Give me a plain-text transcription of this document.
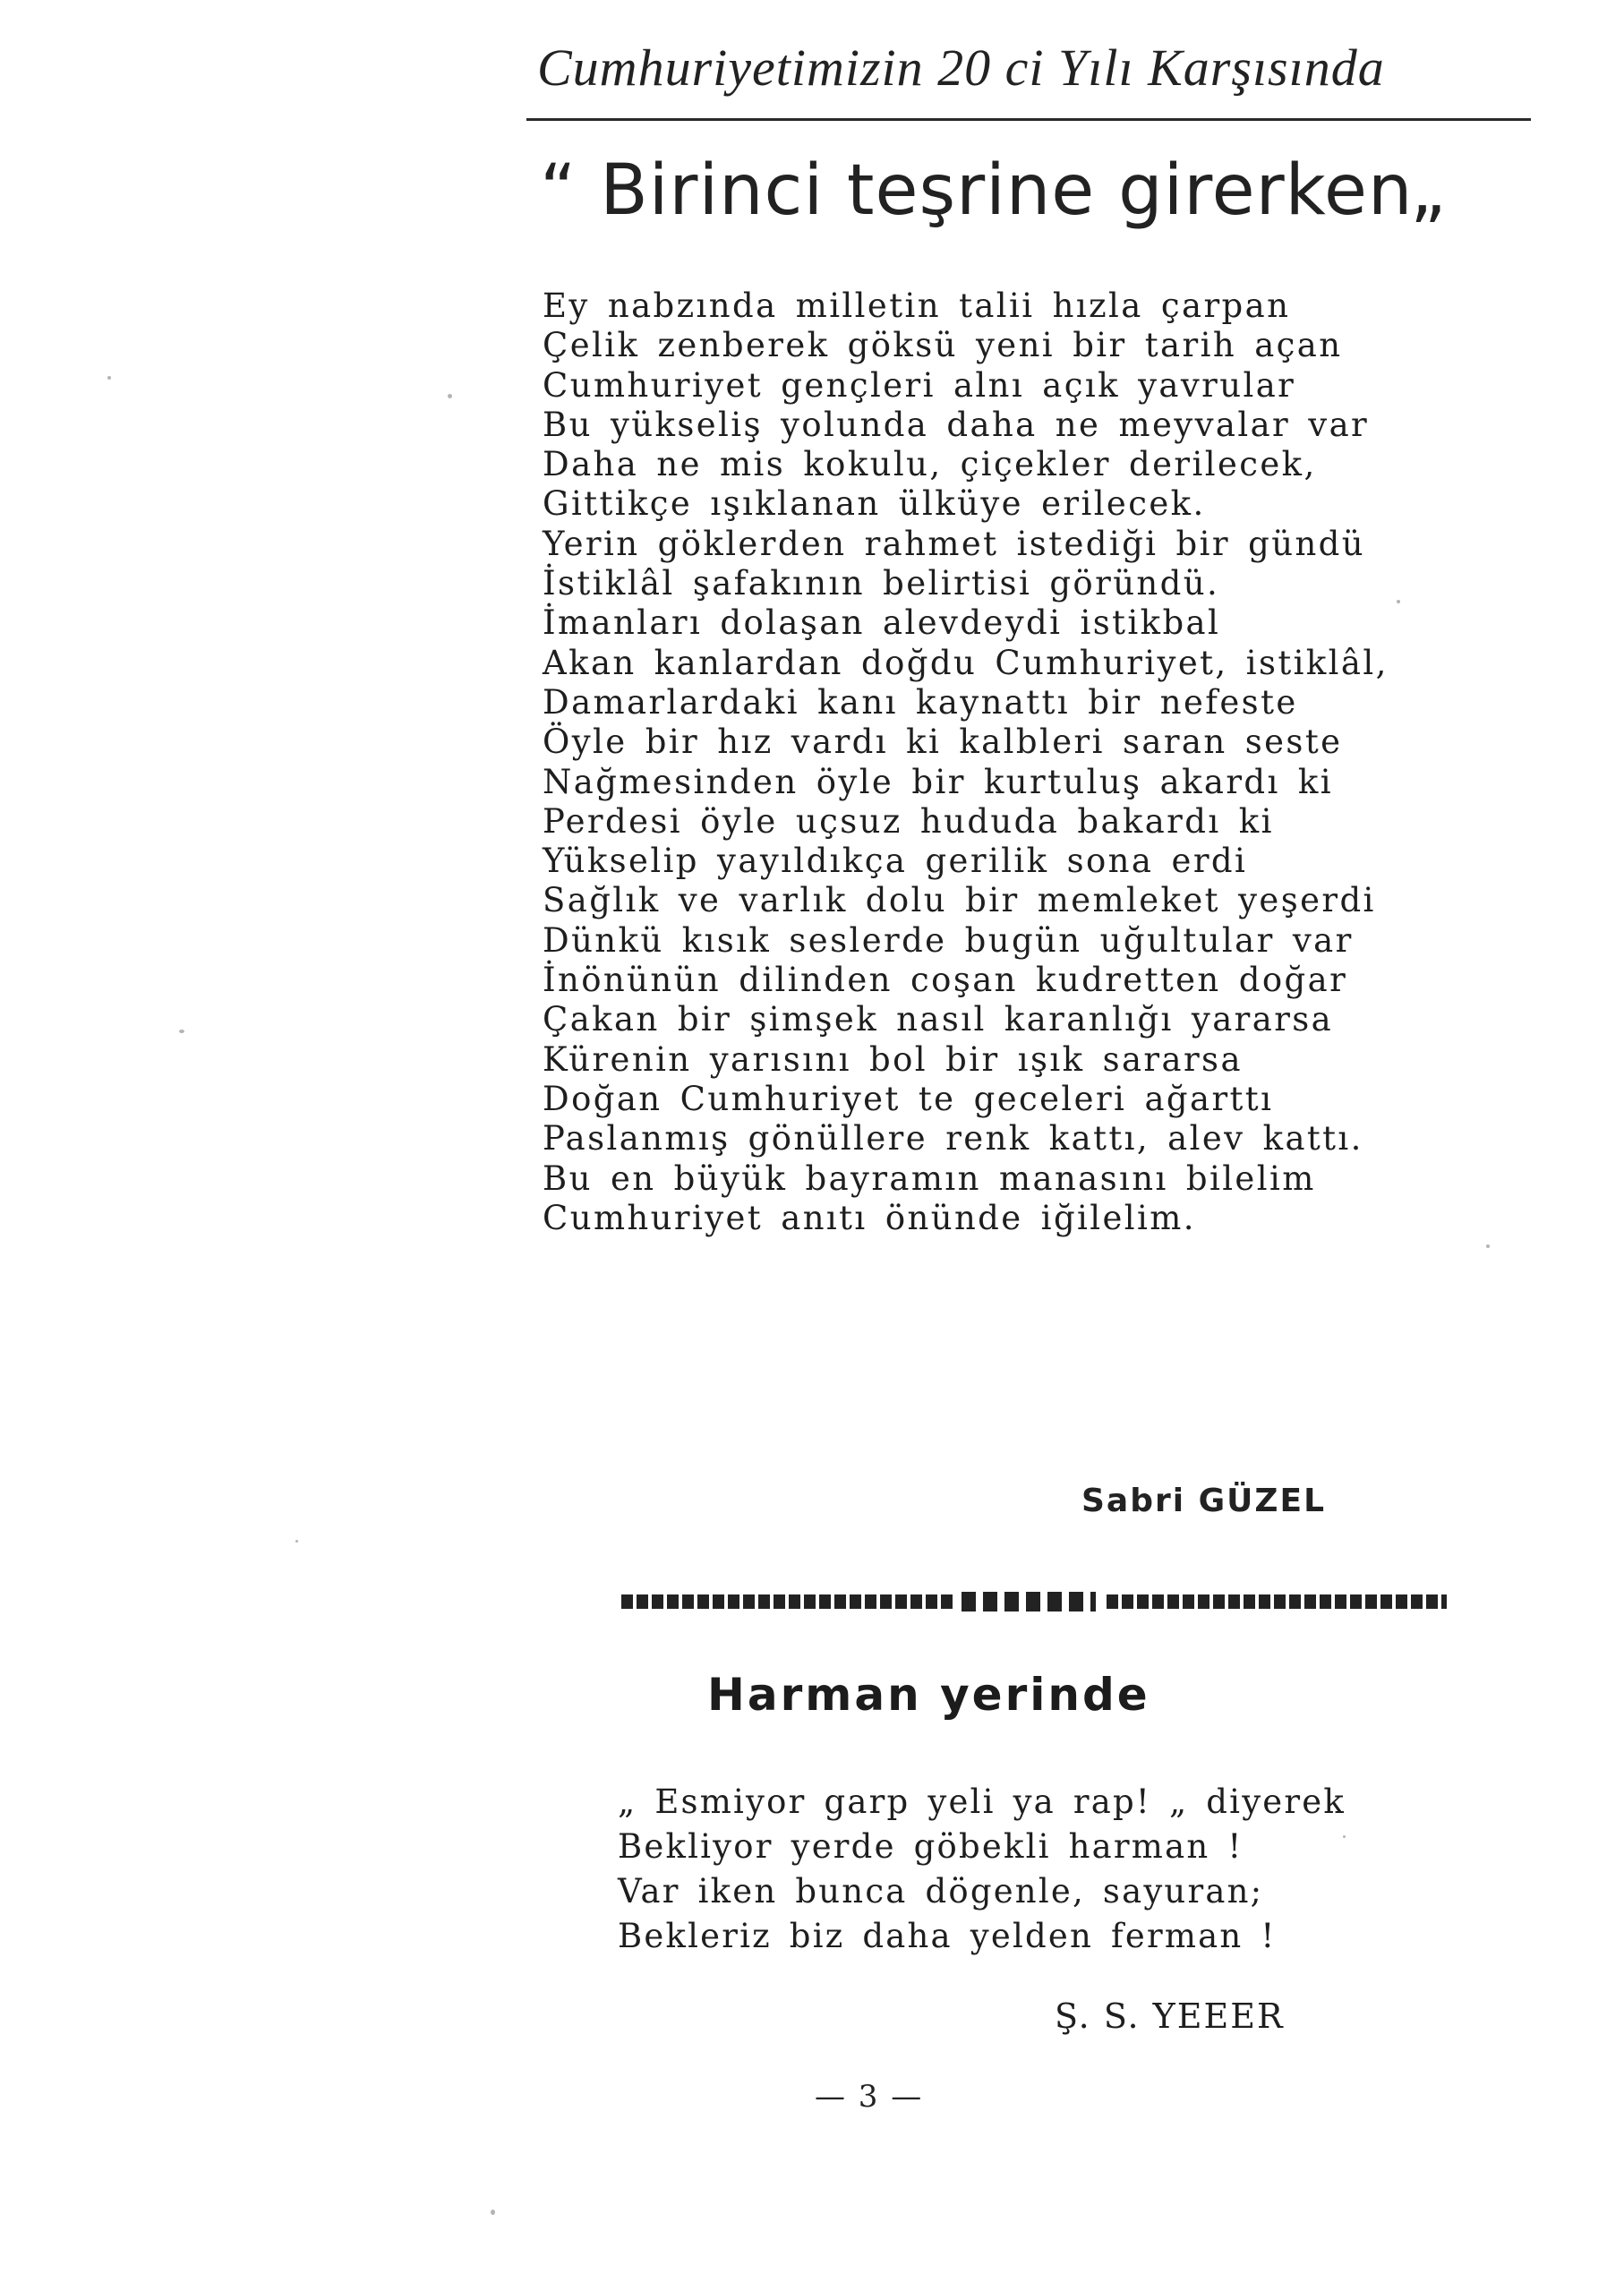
Cumhuriyetimizin 20 ci Yılı Karşısında
“ Birinci teşrine girerken„
Ey nabzında milletin talii hızla çarpan
Çelik zenberek göksü yeni bir tarih açan
Cumhuriyet gençleri alnı açık yavrular
Bu yükseliş yolunda daha ne meyvalar var
Daha ne mis kokulu, çiçekler derilecek,
Gittikçe ışıklanan ülküye erilecek.
Yerin göklerden rahmet istediği bir gündü
İstiklâl şafakının belirtisi göründü.
İmanları dolaşan alevdeydi istikbal
Akan kanlardan doğdu Cumhuriyet, istiklâl,
Damarlardaki kanı kaynattı bir nefeste
Öyle bir hız vardı ki kalbleri saran seste
Nağmesinden öyle bir kurtuluş akardı ki
Perdesi öyle uçsuz hududa bakardı ki
Yükselip yayıldıkça gerilik sona erdi
Sağlık ve varlık dolu bir memleket yeşerdi
Dünkü kısık seslerde bugün uğultular var
İnönünün dilinden coşan kudretten doğar
Çakan bir şimşek nasıl karanlığı yararsa
Kürenin yarısını bol bir ışık sararsa
Doğan Cumhuriyet te geceleri ağarttı
Paslanmış gönüllere renk kattı, alev kattı.
Bu en büyük bayramın manasını bilelim
Cumhuriyet anıtı önünde iğilelim.
Sabri GÜZEL
Harman yerinde
„ Esmiyor garp yeli ya rap! „ diyerek
Bekliyor yerde göbekli harman !
Var iken bunca dögenle, sayuran;
Bekleriz biz daha yelden ferman !
Ş. S. YEEER
— 3 —
